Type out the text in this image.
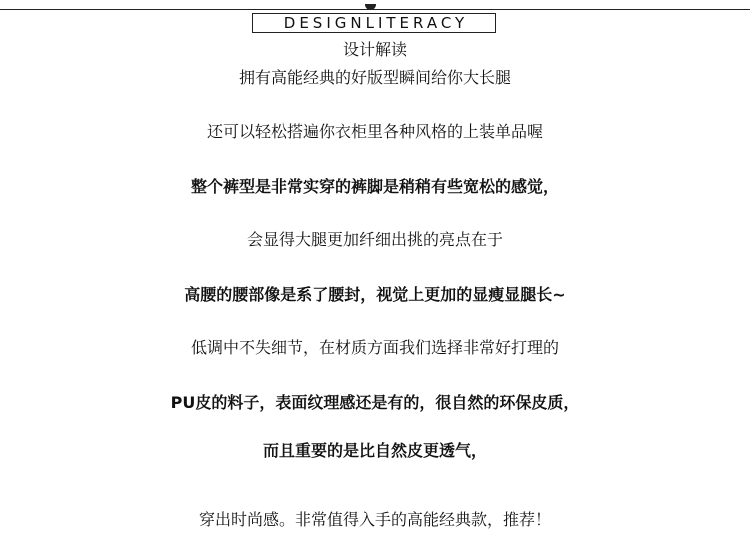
DESIGNLITERACY
设计解读
拥有高能经典的好版型瞬间给你大长腿
还可以轻松搭遍你衣柜里各种风格的上装单品喔
整个裤型是非常实穿的裤脚是稍稍有些宽松的感觉，
会显得大腿更加纤细出挑的亮点在于
高腰的腰部像是系了腰封，视觉上更加的显瘦显腿长~
低调中不失细节，在材质方面我们选择非常好打理的
PU皮的料子，表面纹理感还是有的，很自然的环保皮质，
而且重要的是比自然皮更透气，
穿出时尚感。非常值得入手的高能经典款，推荐！
